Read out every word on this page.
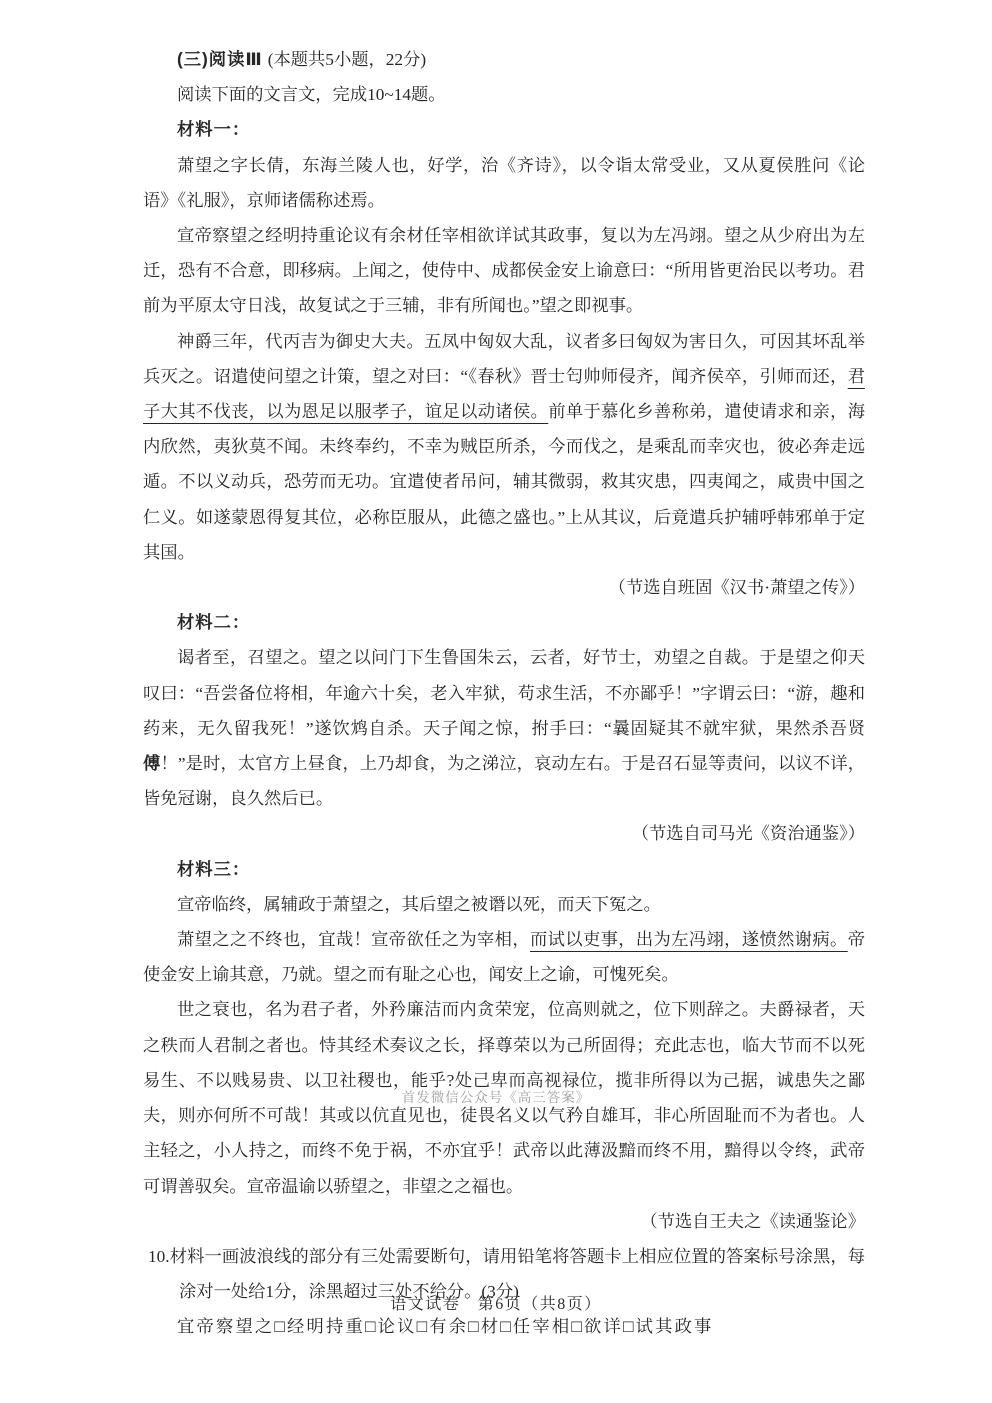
(三)阅读Ⅲ (本题共5小题，22分)
阅读下面的文言文，完成10~14题。
材料一：
萧望之字长倩，东海兰陵人也，好学，治《齐诗》，以令诣太常受业，又从夏侯胜问《论语》《礼服》，京师诸儒称述焉。
宣帝察望之经明持重论议有余材任宰相欲详试其政事，复以为左冯翊。望之从少府出为左迁，恐有不合意，即移病。上闻之，使侍中、成都侯金安上谕意曰：“所用皆更治民以考功。君前为平原太守日浅，故复试之于三辅，非有所闻也。”望之即视事。
神爵三年，代丙吉为御史大夫。五凤中匈奴大乱，议者多曰匈奴为害日久，可因其坏乱举兵灭之。诏遣使问望之计策，望之对曰：“《春秋》晋士匄帅师侵齐，闻齐侯卒，引师而还，君子大其不伐丧，以为恩足以服孝子，谊足以动诸侯。前单于慕化乡善称弟，遣使请求和亲，海内欣然，夷狄莫不闻。未终奉约，不幸为贼臣所杀，今而伐之，是乘乱而幸灾也，彼必奔走远遁。不以义动兵，恐劳而无功。宜遣使者吊问，辅其微弱，救其灾患，四夷闻之，咸贵中国之仁义。如遂蒙恩得复其位，必称臣服从，此德之盛也。”上从其议，后竟遣兵护辅呼韩邪单于定其国。
（节选自班固《汉书·萧望之传》）
材料二：
谒者至，召望之。望之以问门下生鲁国朱云，云者，好节士，劝望之自裁。于是望之仰天叹曰：“吾尝备位将相，年逾六十矣，老入牢狱，苟求生活，不亦鄙乎！”字谓云曰：“游，趣和药来，无久留我死！”遂饮鸩自杀。天子闻之惊，拊手曰：“曩固疑其不就牢狱，果然杀吾贤傅！”是时，太官方上昼食，上乃却食，为之涕泣，哀动左右。于是召石显等责问，以议不详，皆免冠谢，良久然后已。
（节选自司马光《资治通鉴》）
材料三：
宣帝临终，属辅政于萧望之，其后望之被谮以死，而天下冤之。
萧望之之不终也，宜哉！宣帝欲任之为宰相，而试以吏事，出为左冯翊，遂愤然谢病。帝使金安上谕其意，乃就。望之而有耻之心也，闻安上之谕，可愧死矣。
世之衰也，名为君子者，外矜廉洁而内贪荣宠，位高则就之，位下则辞之。夫爵禄者，天之秩而人君制之者也。恃其经术奏议之长，择尊荣以为己所固得；充此志也，临大节而不以死易生、不以贱易贵、以卫社稷也，能乎?处己卑而高视禄位，揽非所得以为己据，诚患失之鄙夫，则亦何所不可哉！其或以伉直见也，徒畏名义以气矜自雄耳，非心所固耻而不为者也。人主轻之，小人持之，而终不免于祸，不亦宜乎！武帝以此薄汲黯而终不用，黯得以令终，武帝可谓善驭矣。宣帝温谕以骄望之，非望之之福也。
（节选自王夫之《读通鉴论》
10.材料一画波浪线的部分有三处需要断句，请用铅笔将答题卡上相应位置的答案标号涂黑，每涂对一处给1分，涂黑超过三处不给分。(3分)
宜帝察望之□经明持重□论议□有余□材□任宰相□欲详□试其政事
首发微信公众号《高三答案》
语文试卷　第6页（共8页）
